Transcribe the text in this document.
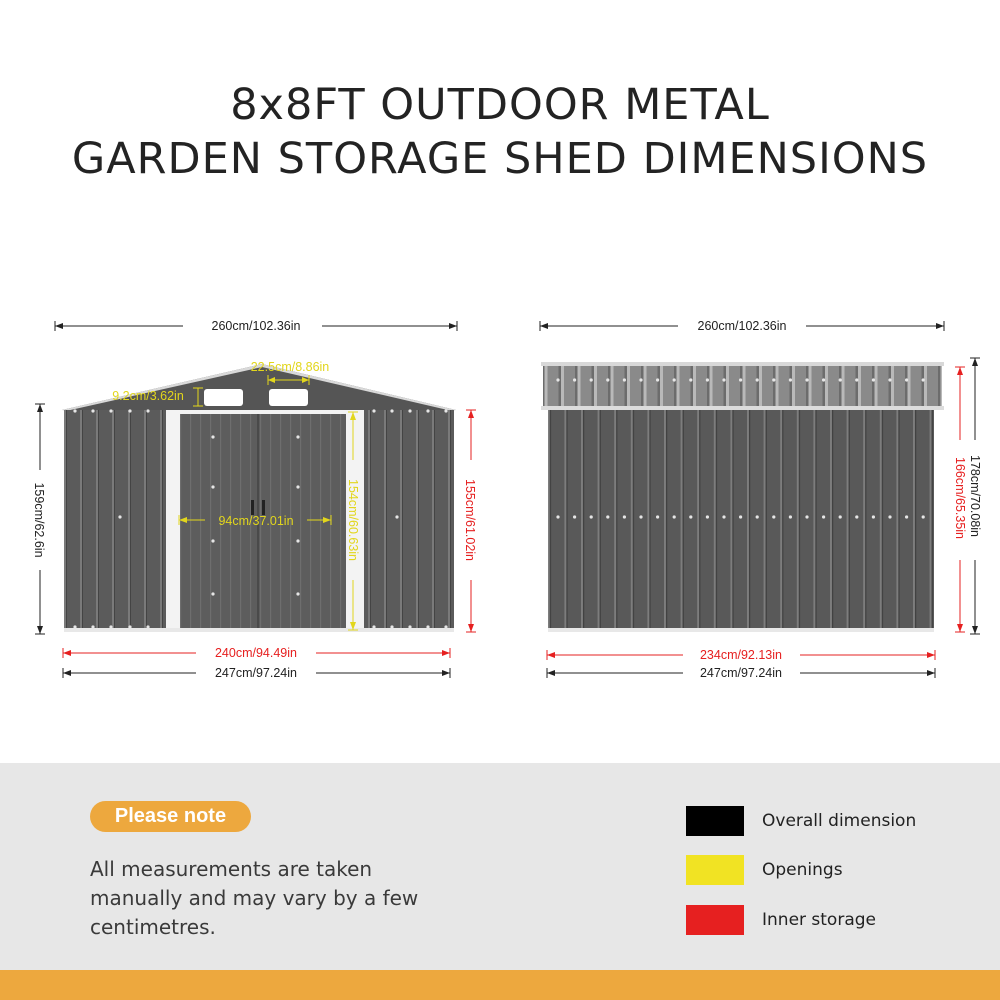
8x8FT OUTDOOR METAL
GARDEN STORAGE SHED DIMENSIONS
260cm/102.36in
22.5cm/8.86in
9.2cm/3.62in
159cm/62.6in	94cm/37.01in	154cm/60.63in	155cm/61.02in
240cm/94.49in
247cm/97.24in
260cm/102.36in
178cm/70.08in
166cm/65.35in
234cm/92.13in
247cm/97.24in
Please note
All measurements are taken manually and may vary by a few centimetres.
Overall dimension
Openings
Inner storage
